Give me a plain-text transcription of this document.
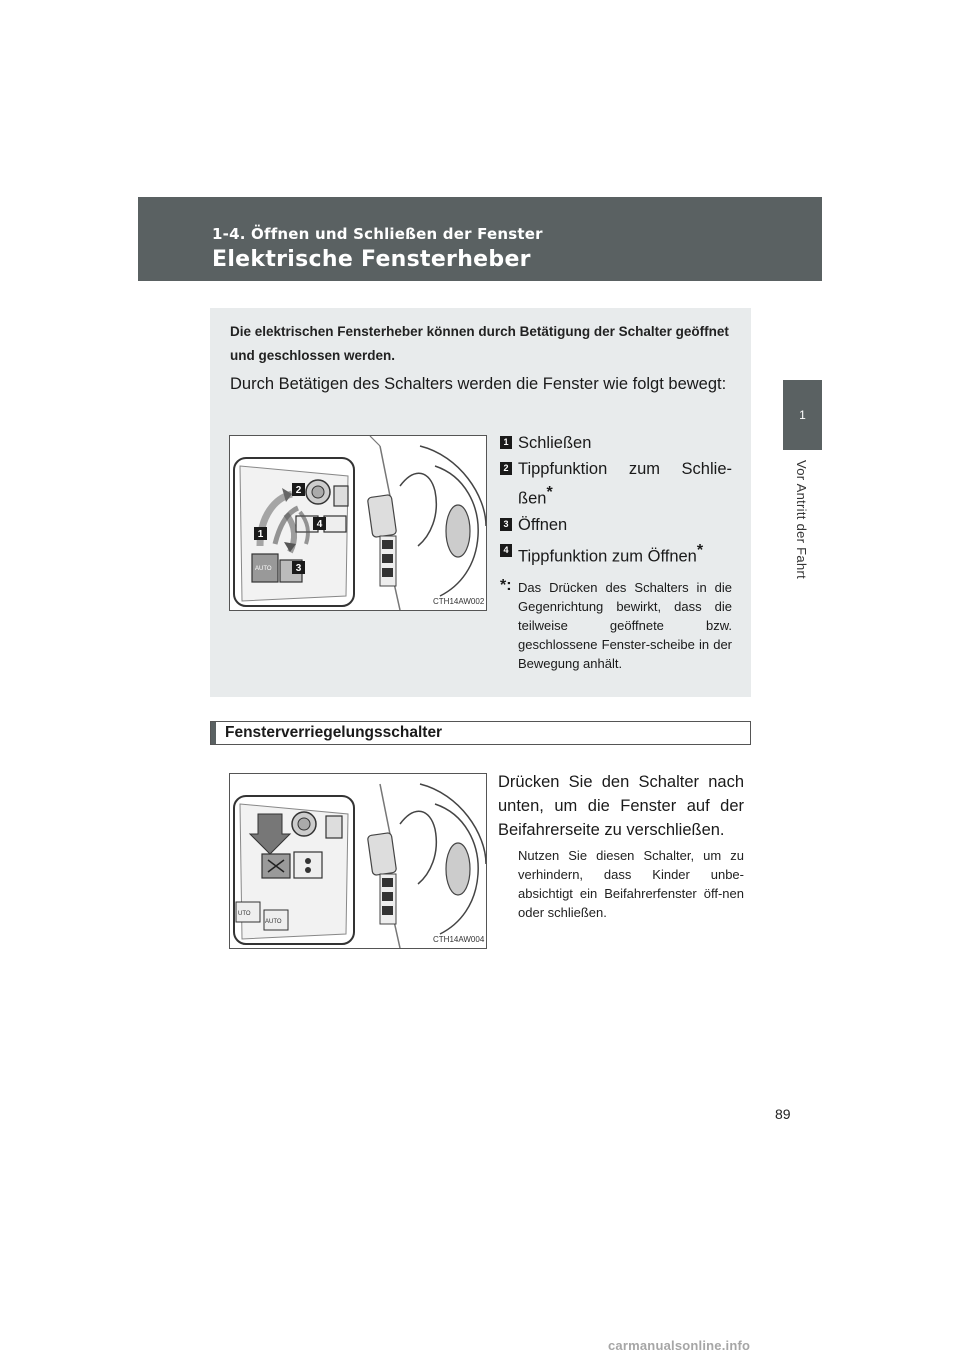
1-4. Öffnen und Schließen der Fenster
Elektrische Fensterheber
1
Vor Antritt der Fahrt
Die elektrischen Fensterheber können durch Betätigung der Schalter geöffnet und geschlossen werden.
Durch Betätigen des Schalters werden die Fenster wie folgt bewegt:
AUTO
2
1
4
3
CTH14AW002
1 Schließen
2 Tippfunktion zum Schlie-ßen*
3 Öffnen
4 Tippfunktion zum Öffnen*
*: Das Drücken des Schalters in die Gegenrichtung bewirkt, dass die teilweise geöffnete bzw. geschlossene Fenster-scheibe in der Bewegung anhält.
Fensterverriegelungsschalter
UTO
AUTO
CTH14AW004
Drücken Sie den Schalter nach unten, um die Fenster auf der Beifahrerseite zu verschließen.
Nutzen Sie diesen Schalter, um zu verhindern, dass Kinder unbe-absichtigt ein Beifahrerfenster öff-nen oder schließen.
89
carmanualsonline.info
